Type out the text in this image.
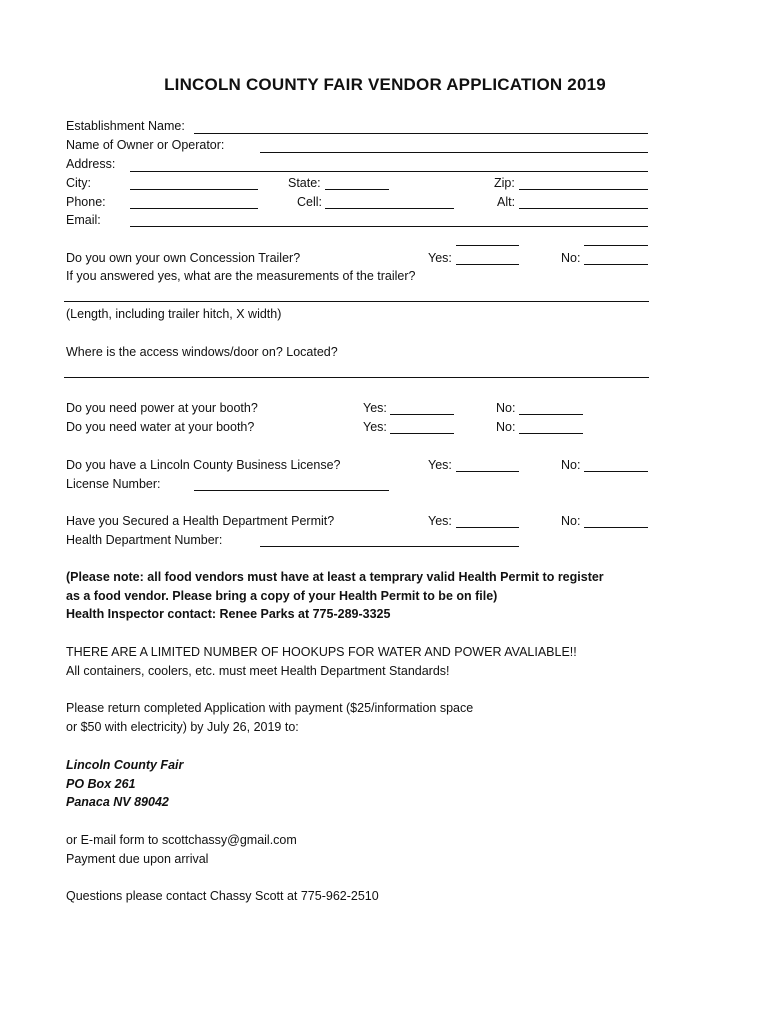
LINCOLN COUNTY FAIR VENDOR APPLICATION 2019
Establishment Name:
Name of Owner or Operator:
Address:
City:	State:	Zip:
Phone:	Cell:	Alt:
Email:
Do you own your own Concession Trailer?	Yes:	No:
If you answered yes, what are the measurements of the trailer?
(Length, including trailer hitch, X width)
Where is the access windows/door on? Located?
Do you need power at your booth?	Yes:	No:
Do you need water at your booth?	Yes:	No:
Do you have a Lincoln County Business License?	Yes:	No:
License Number:
Have you Secured a Health Department Permit?	Yes:	No:
Health Department Number:
(Please note: all food vendors must have at least a temprary valid Health Permit to register
as a food vendor. Please bring a copy of your Health Permit to be on file)
Health Inspector contact: Renee Parks at 775-289-3325
THERE ARE A LIMITED NUMBER OF HOOKUPS FOR WATER AND POWER AVALIABLE!!
All containers, coolers, etc. must meet Health Department Standards!
Please return completed Application with payment ($25/information space
or $50 with electricity) by July 26, 2019 to:
Lincoln County Fair
PO Box 261
Panaca NV 89042
or E-mail form to scottchassy@gmail.com
Payment due upon arrival
Questions please contact Chassy Scott at 775-962-2510
